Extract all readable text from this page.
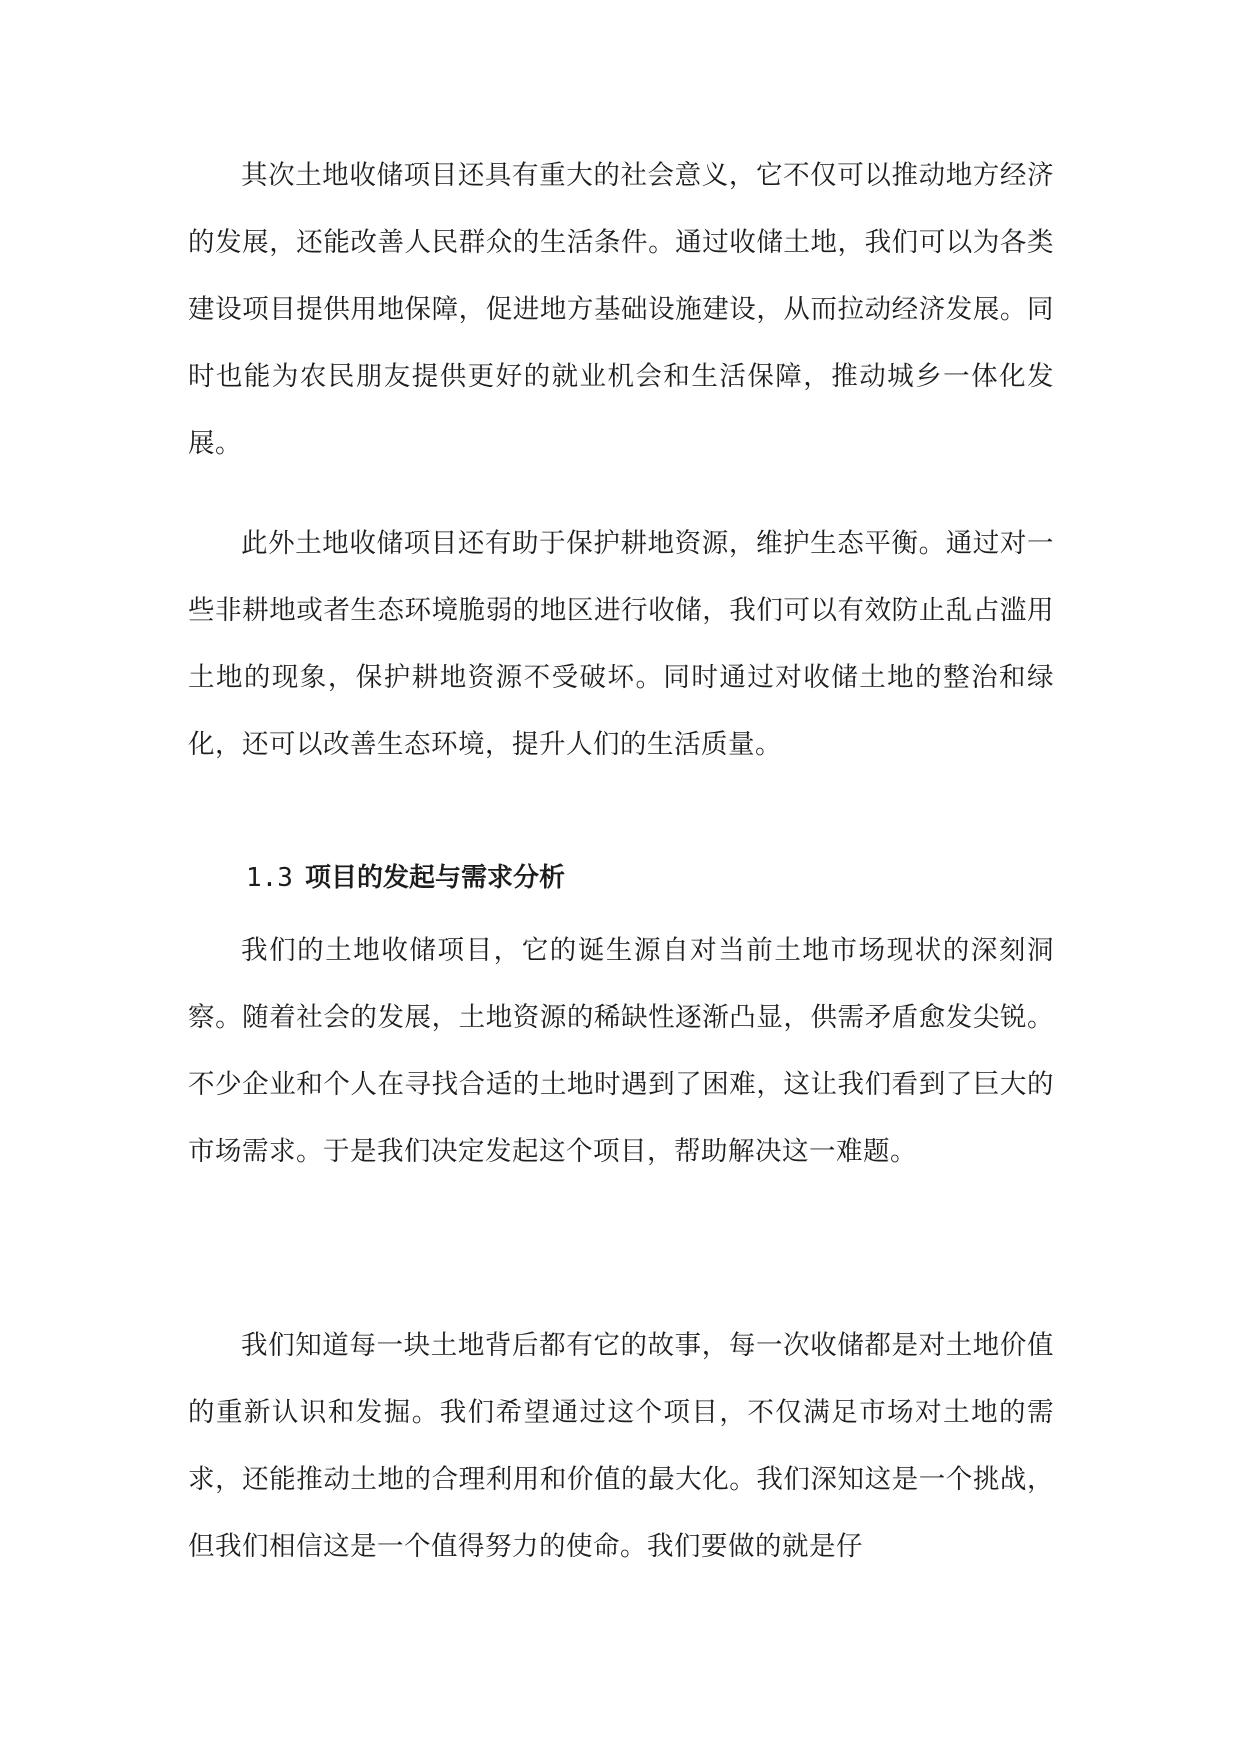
其次土地收储项目还具有重大的社会意义，它不仅可以推动地方经济的发展，还能改善人民群众的生活条件。通过收储土地，我们可以为各类建设项目提供用地保障，促进地方基础设施建设，从而拉动经济发展。同时也能为农民朋友提供更好的就业机会和生活保障，推动城乡一体化发展。

此外土地收储项目还有助于保护耕地资源，维护生态平衡。通过对一些非耕地或者生态环境脆弱的地区进行收储，我们可以有效防止乱占滥用土地的现象，保护耕地资源不受破坏。同时通过对收储土地的整治和绿化，还可以改善生态环境，提升人们的生活质量。

1.3 项目的发起与需求分析

我们的土地收储项目，它的诞生源自对当前土地市场现状的深刻洞察。随着社会的发展，土地资源的稀缺性逐渐凸显，供需矛盾愈发尖锐。不少企业和个人在寻找合适的土地时遇到了困难，这让我们看到了巨大的市场需求。于是我们决定发起这个项目，帮助解决这一难题。

我们知道每一块土地背后都有它的故事，每一次收储都是对土地价值的重新认识和发掘。我们希望通过这个项目，不仅满足市场对土地的需求，还能推动土地的合理利用和价值的最大化。我们深知这是一个挑战，但我们相信这是一个值得努力的使命。我们要做的就是仔
